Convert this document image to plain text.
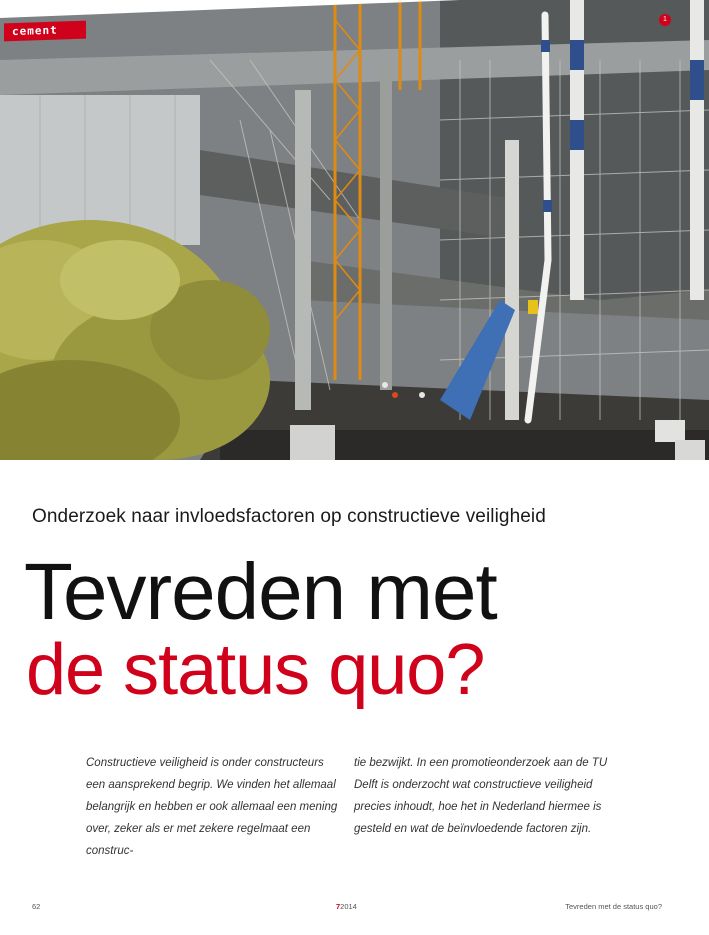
cement
1
Onderzoek naar invloedsfactoren op constructieve veiligheid
Tevreden met
de status quo?
Constructieve veiligheid is onder constructeurs een aansprekend begrip. We vinden het allemaal belangrijk en hebben er ook allemaal een mening over, zeker als er met zekere regelmaat een construc-
tie bezwijkt. In een promotieonderzoek aan de TU Delft is onderzocht wat constructieve veiligheid precies inhoudt, hoe het in Nederland hiermee is gesteld en wat de beïnvloedende factoren zijn.
62	72014	Tevreden met de status quo?
